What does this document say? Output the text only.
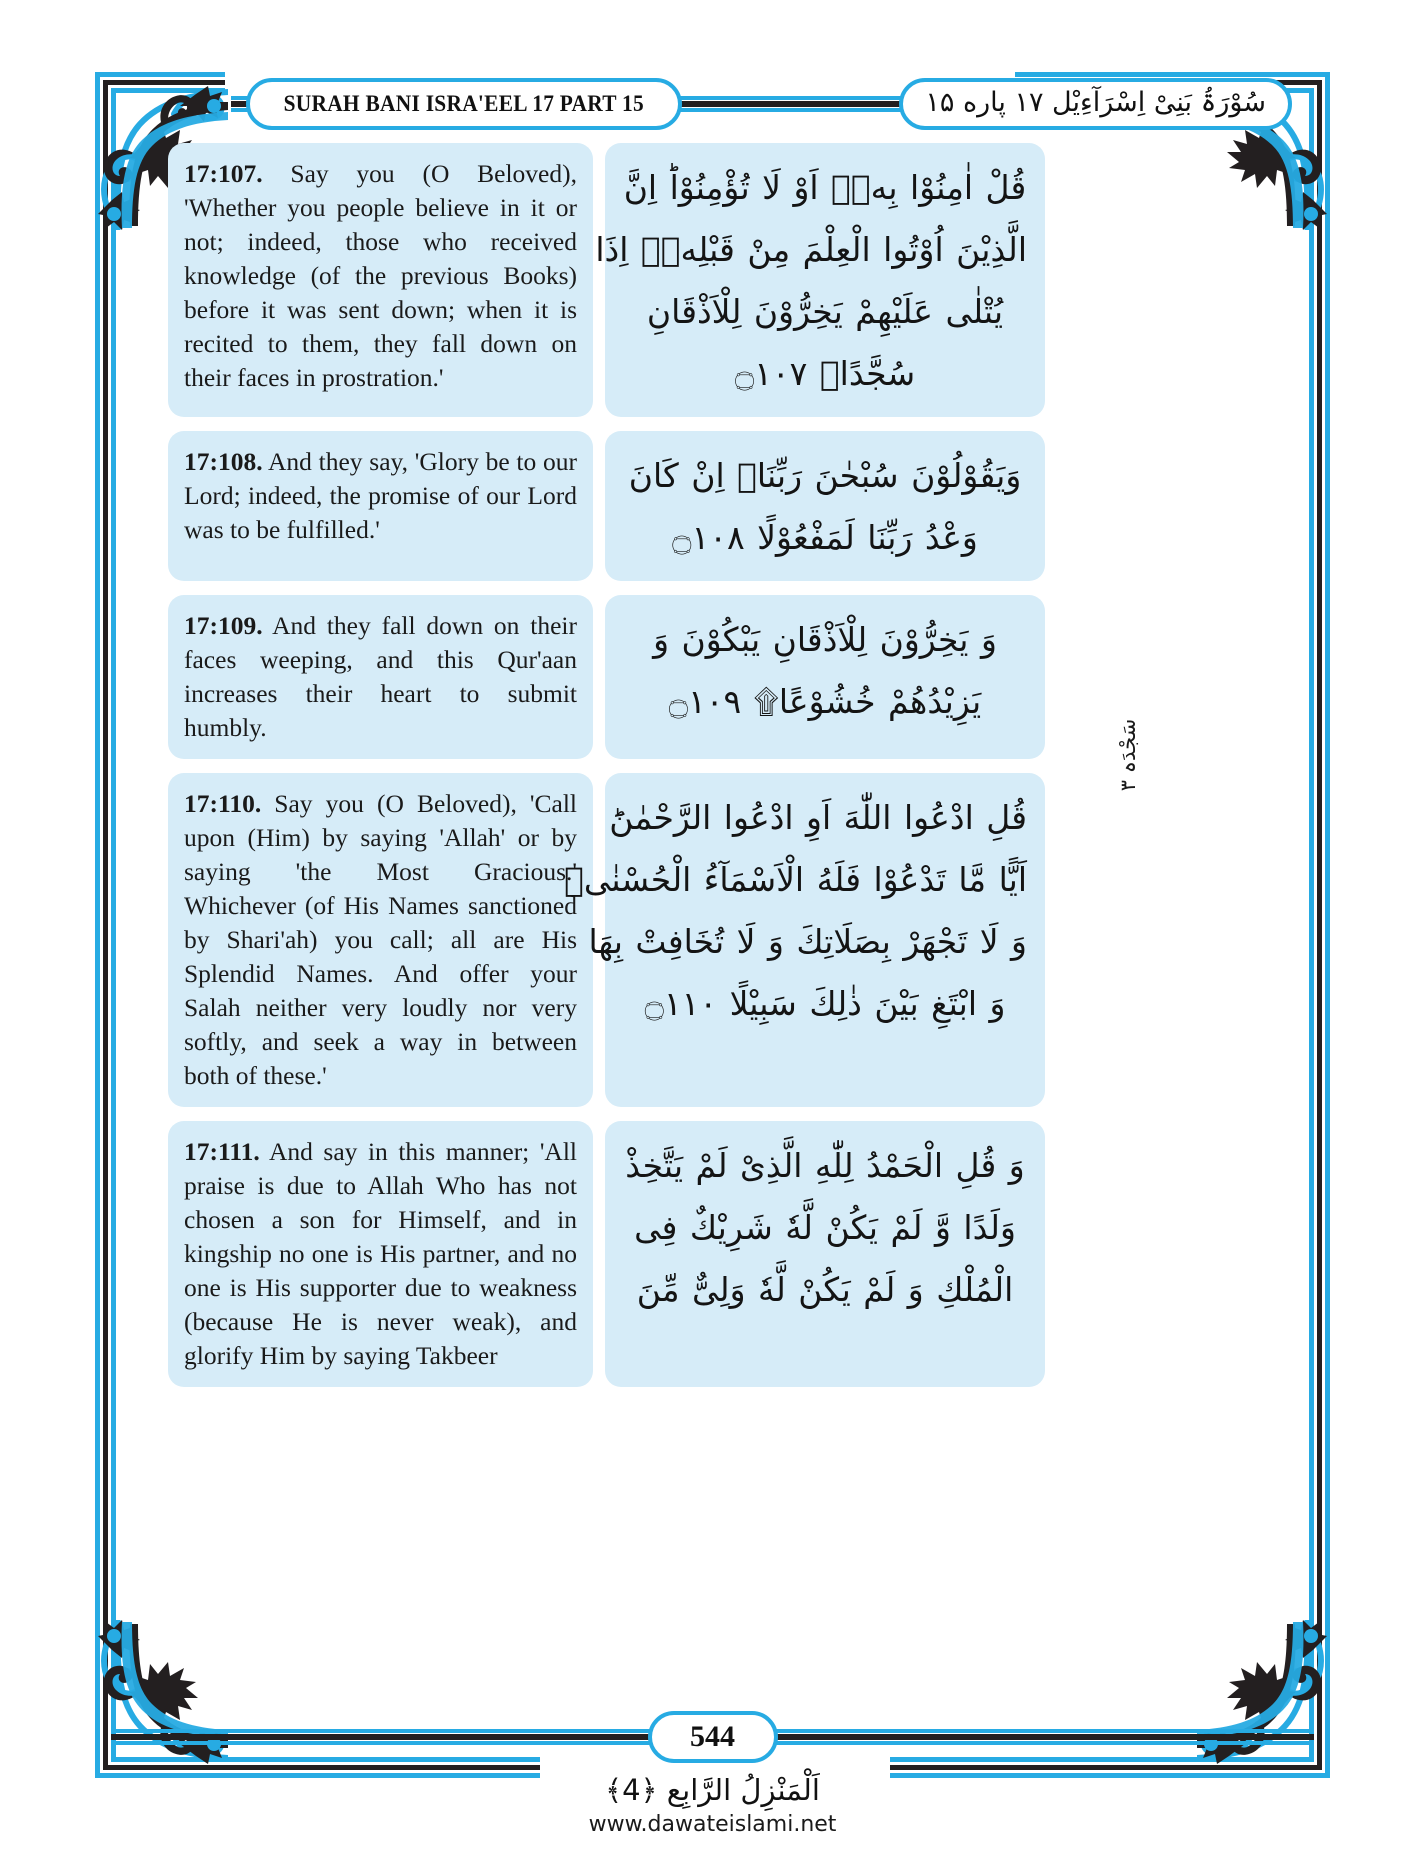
SURAH BANI ISRA'EEL 17 PART 15	سُوْرَۃُ بَنِیْ اِسْرَآءِیْل ۱۷ پاره ۱۵
17:107. Say you (O Beloved), 'Whether you people believe in it or not; indeed, those who received knowledge (of the previous Books) before it was sent down; when it is recited to them, they fall down on their faces in prostration.'
قُلْ اٰمِنُوْا بِهٖۤ اَوْ لَا تُؤْمِنُوْاؕ اِنَّ
الَّذِیْنَ اُوْتُوا الْعِلْمَ مِنْ قَبْلِهٖۤ اِذَا
یُتْلٰى عَلَیْهِمْ یَخِرُّوْنَ لِلْاَذْقَانِ
سُجَّدًاۙ ۝۱۰۷
17:108. And they say, 'Glory be to our Lord; indeed, the promise of our Lord was to be fulfilled.'
وَیَقُوْلُوْنَ سُبْحٰنَ رَبِّنَاۤ اِنْ كَانَ
وَعْدُ رَبِّنَا لَمَفْعُوْلًا ۝۱۰۸
17:109. And they fall down on their faces weeping, and this Qur'aan increases their heart to submit humbly.
وَ یَخِرُّوْنَ لِلْاَذْقَانِ یَبْكُوْنَ وَ
یَزِیْدُهُمْ خُشُوْعًا۩ ۝۱۰۹
17:110. Say you (O Beloved), 'Call upon (Him) by saying 'Allah' or by saying 'the Most Gracious.' Whichever (of His Names sanctioned by Shari'ah) you call; all are His Splendid Names. And offer your Salah neither very loudly nor very softly, and seek a way in between both of these.'
قُلِ ادْعُوا اللّٰهَ اَوِ ادْعُوا الرَّحْمٰنَؕ
اَیًّا مَّا تَدْعُوْا فَلَهُ الْاَسْمَآءُ الْحُسْنٰىۚ
وَ لَا تَجْهَرْ بِصَلَاتِكَ وَ لَا تُخَافِتْ بِهَا
وَ ابْتَغِ بَیْنَ ذٰلِكَ سَبِیْلًا ۝۱۱۰
17:111. And say in this manner; 'All praise is due to Allah Who has not chosen a son for Himself, and in kingship no one is His partner, and no one is His supporter due to weakness (because He is never weak), and glorify Him by saying Takbeer
وَ قُلِ الْحَمْدُ لِلّٰهِ الَّذِیْ لَمْ یَتَّخِذْ
وَلَدًا وَّ لَمْ یَكُنْ لَّهٗ شَرِیْكٌ فِی
الْمُلْكِ وَ لَمْ یَكُنْ لَّهٗ وَلِیٌّ مِّنَ
سَجْدَہ ۳
544
اَلْمَنْزِلُ الرَّابِع ﴿4﴾
www.dawateislami.net
